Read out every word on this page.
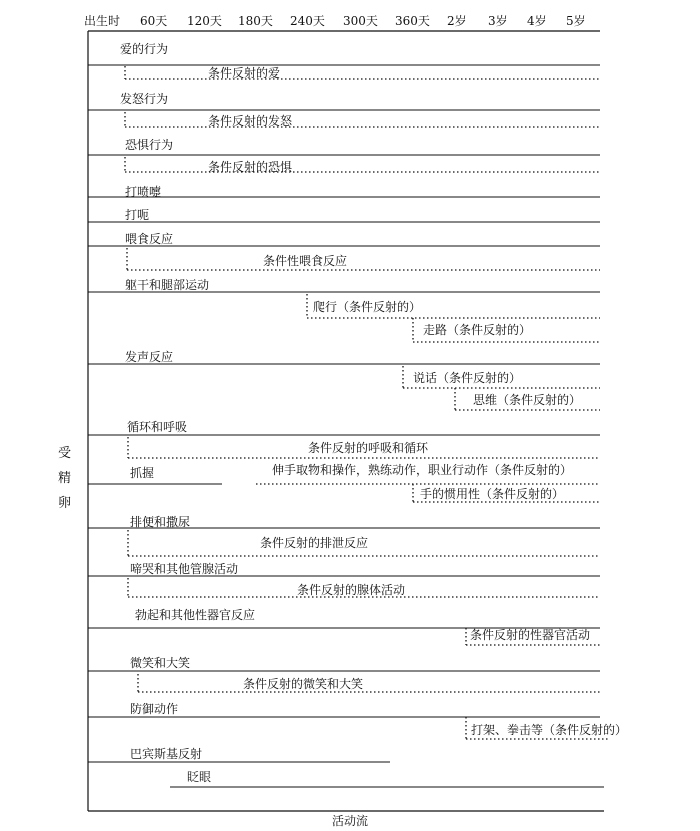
出生时 60天 120天 180天 240天 300天 360天 2岁 3岁 4岁 5岁
受
精
卵
爱的行为
发怒行为
恐惧行为
打喷嚏
打呃
喂食反应
躯干和腿部运动
发声反应
循环和呼吸
抓握
排便和撒尿
啼哭和其他管腺活动
勃起和其他性器官反应
微笑和大笑
防御动作
巴宾斯基反射
眨眼
条件反射的爱
条件反射的发怒
条件反射的恐惧
条件性喂食反应
爬行（条件反射的）
走路（条件反射的）
说话（条件反射的）
思维（条件反射的）
条件反射的呼吸和循环
伸手取物和操作，熟练动作，职业行动作（条件反射的）
手的惯用性（条件反射的）
条件反射的排泄反应
条件反射的腺体活动
条件反射的性器官活动
条件反射的微笑和大笑
打架、拳击等（条件反射的）
活动流
